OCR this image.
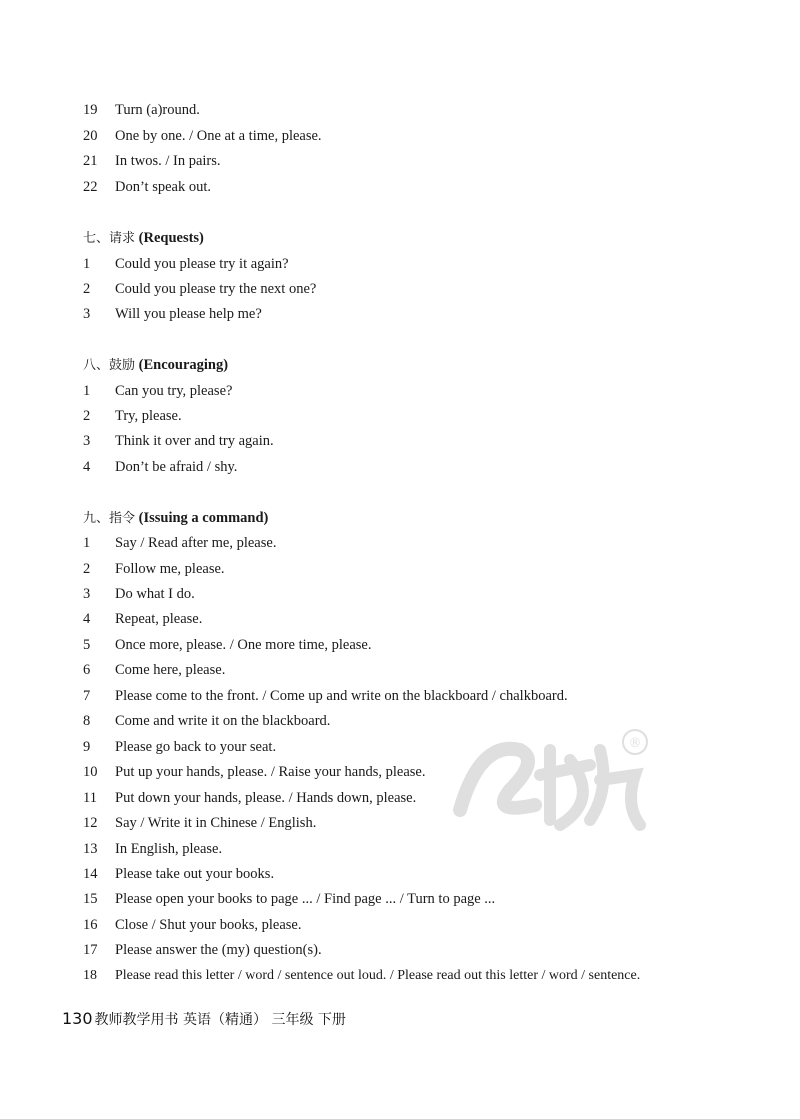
19 Turn (a)round.
20 One by one. / One at a time, please.
21 In twos. / In pairs.
22 Don’t speak out.
七、请求 (Requests)
1 Could you please try it again?
2 Could you please try the next one?
3 Will you please help me?
八、鼓励 (Encouraging)
1 Can you try, please?
2 Try, please.
3 Think it over and try again.
4 Don’t be afraid / shy.
九、指令 (Issuing a command)
1 Say / Read after me, please.
2 Follow me, please.
3 Do what I do.
4 Repeat, please.
5 Once more, please. / One more time, please.
6 Come here, please.
7 Please come to the front. / Come up and write on the blackboard / chalkboard.
8 Come and write it on the blackboard.
9 Please go back to your seat.
10 Put up your hands, please. / Raise your hands, please.
11 Put down your hands, please. / Hands down, please.
12 Say / Write it in Chinese / English.
13 In English, please.
14 Please take out your books.
15 Please open your books to page ... / Find page ... / Turn to page ...
16 Close / Shut your books, please.
17 Please answer the (my) question(s).
18 Please read this letter / word / sentence out loud. / Please read out this letter / word / sentence.
®
130 教师教学用书 英语（精通） 三年级 下册
